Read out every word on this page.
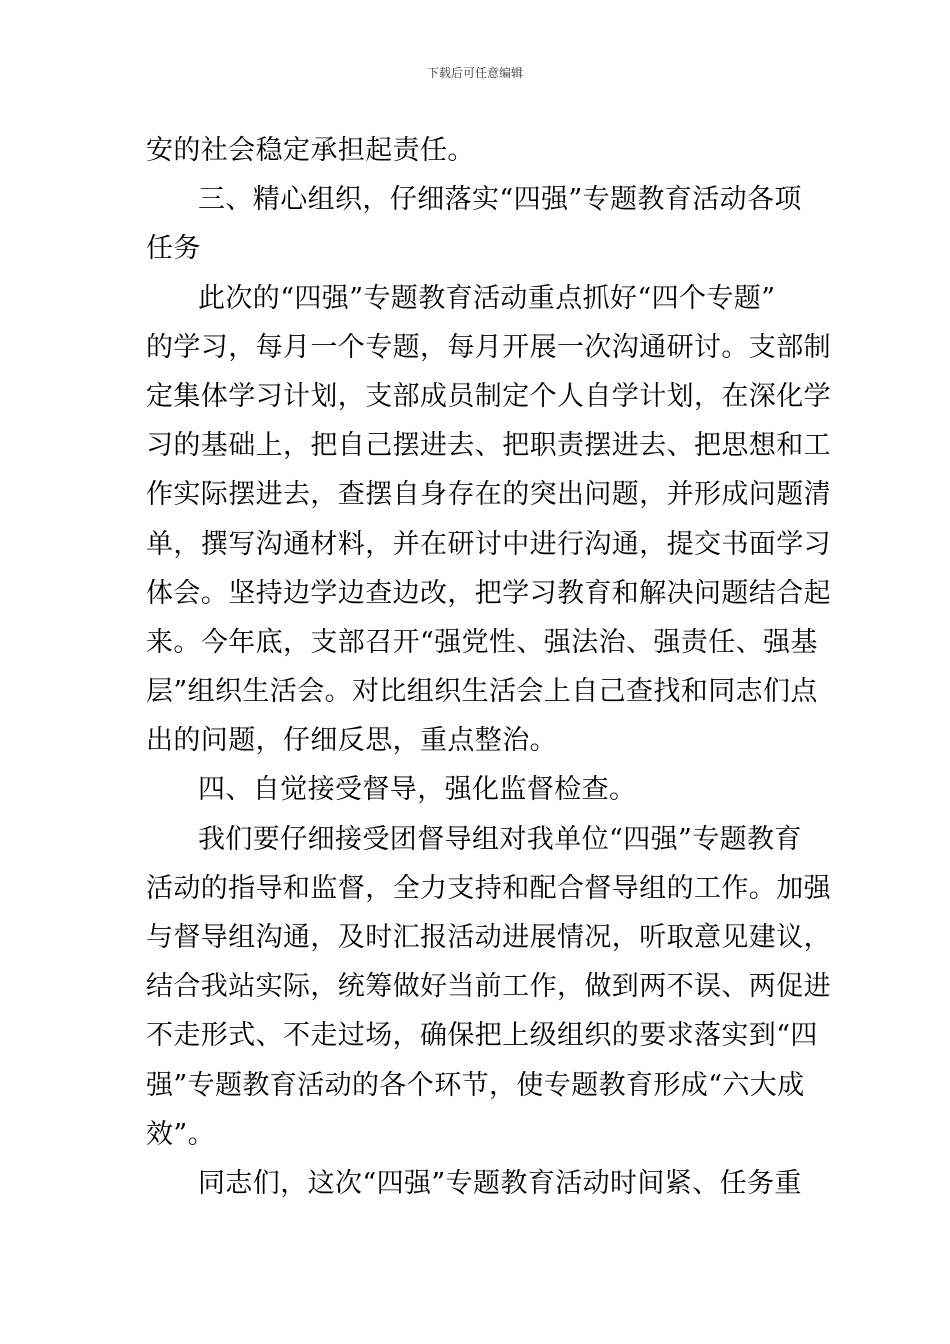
下载后可任意编辑
安的社会稳定承担起责任。
三、精心组织，仔细落实“四强”专题教育活动各项
任务
此次的“四强”专题教育活动重点抓好“四个专题”
的学习，每月一个专题，每月开展一次沟通研讨。支部制
定集体学习计划，支部成员制定个人自学计划，在深化学
习的基础上，把自己摆进去、把职责摆进去、把思想和工
作实际摆进去，查摆自身存在的突出问题，并形成问题清
单，撰写沟通材料，并在研讨中进行沟通，提交书面学习
体会。坚持边学边查边改，把学习教育和解决问题结合起
来。今年底，支部召开“强党性、强法治、强责任、强基
层”组织生活会。对比组织生活会上自己查找和同志们点
出的问题，仔细反思，重点整治。
四、自觉接受督导，强化监督检查。
我们要仔细接受团督导组对我单位“四强”专题教育
活动的指导和监督，全力支持和配合督导组的工作。加强
与督导组沟通，及时汇报活动进展情况，听取意见建议，
结合我站实际，统筹做好当前工作，做到两不误、两促进
不走形式、不走过场，确保把上级组织的要求落实到“四
强”专题教育活动的各个环节，使专题教育形成“六大成
效”。
同志们，这次“四强”专题教育活动时间紧、任务重
